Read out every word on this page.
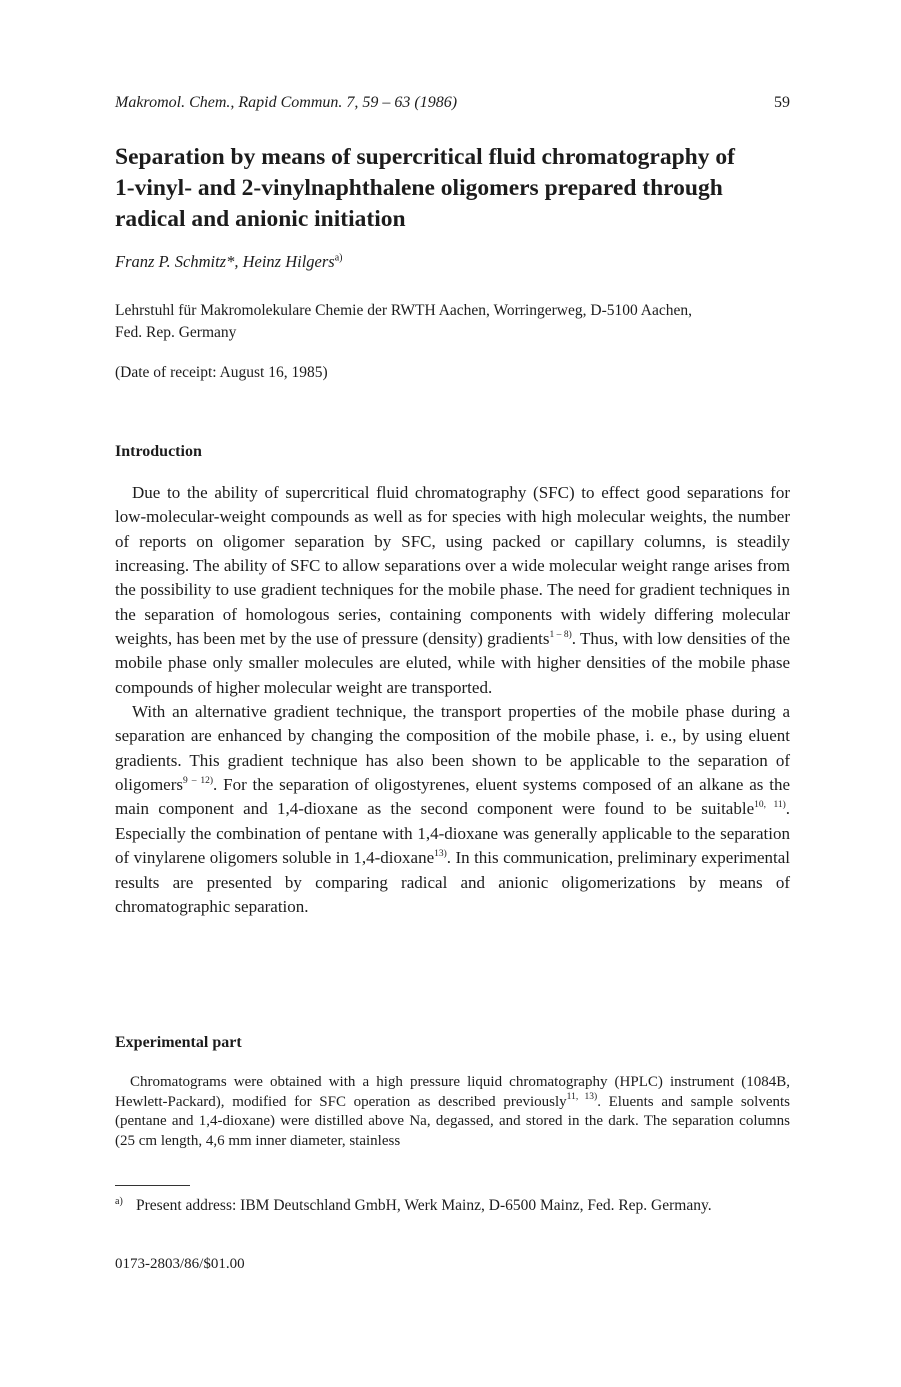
Makromol. Chem., Rapid Commun. 7, 59 – 63 (1986)	59
Separation by means of supercritical fluid chromatography of
1-vinyl- and 2-vinylnaphthalene oligomers prepared through
radical and anionic initiation
Franz P. Schmitz*, Heinz Hilgers$^{a)}$
Lehrstuhl für Makromolekulare Chemie der RWTH Aachen, Worringerweg, D-5100 Aachen,
Fed. Rep. Germany
(Date of receipt: August 16, 1985)
Introduction

Due to the ability of supercritical fluid chromatography (SFC) to effect good separations for low-molecular-weight compounds as well as for species with high molecular weights, the number of reports on oligomer separation by SFC, using packed or capillary columns, is steadily increasing. The ability of SFC to allow separations over a wide molecular weight range arises from the possibility to use gradient techniques for the mobile phase. The need for gradient techniques in the separation of homologous series, containing components with widely differing molecular weights, has been met by the use of pressure (density) gradients$^{1 - 8)}$. Thus, with low densities of the mobile phase only smaller molecules are eluted, while with higher densities of the mobile phase compounds of higher molecular weight are transported.

With an alternative gradient technique, the transport properties of the mobile phase during a separation are enhanced by changing the composition of the mobile phase, i. e., by using eluent gradients. This gradient technique has also been shown to be applicable to the separation of oligomers$^{9 - 12)}$. For the separation of oligostyrenes, eluent systems composed of an alkane as the main component and 1,4-dioxane as the second component were found to be suitable$^{10, 11)}$. Especially the combination of pentane with 1,4-dioxane was generally applicable to the separation of vinylarene oligomers soluble in 1,4-dioxane$^{13)}$. In this communication, preliminary experimental results are presented by comparing radical and anionic oligomerizations by means of chromatographic separation.

Experimental part

Chromatograms were obtained with a high pressure liquid chromatography (HPLC) instrument (1084B, Hewlett-Packard), modified for SFC operation as described previously$^{11, 13)}$. Eluents and sample solvents (pentane and 1,4-dioxane) were distilled above Na, degassed, and stored in the dark. The separation columns (25 cm length, 4,6 mm inner diameter, stainless

a) Present address: IBM Deutschland GmbH, Werk Mainz, D-6500 Mainz, Fed. Rep. Germany.
0173-2803/86/$01.00
